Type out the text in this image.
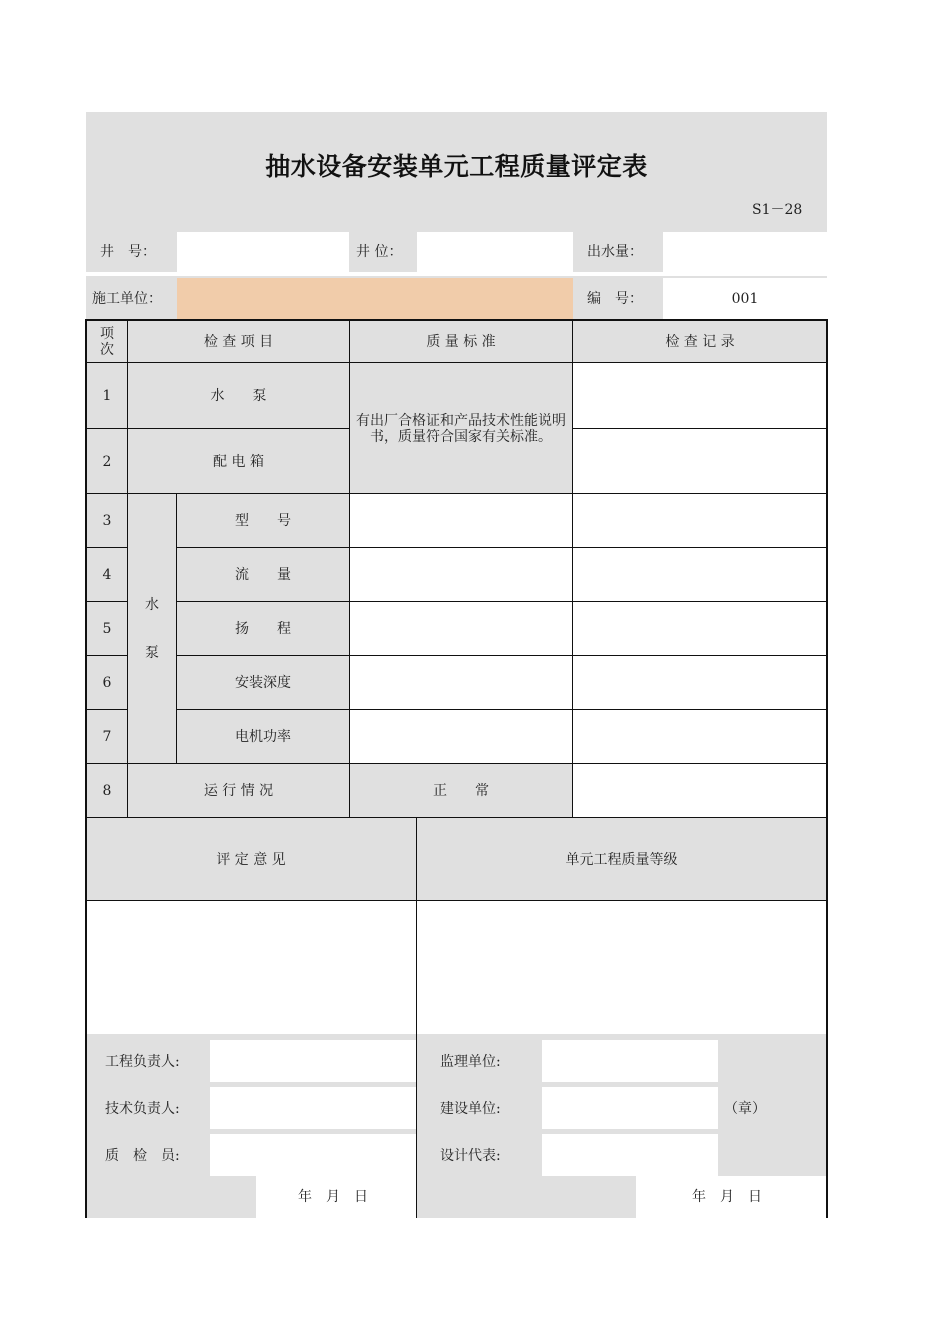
抽水设备安装单元工程质量评定表
S1－28
井　号：	井 位：	出水量：
施工单位：	编　号：	001
项次	检 查 项 目	质 量 标 准	检 查 记 录
1	水　　泵
2	配 电 箱
有出厂合格证和产品技术性能说明书，质量符合国家有关标准。
水
泵
3	型　　号
4	流　　量
5	扬　　程
6	安装深度
7	电机功率
8	运 行 情 况	正　　常
评 定 意 见	单元工程质量等级
工程负责人:
技术负责人:
质　检　员:
年　月　日
监理单位:
建设单位:	（章）
设计代表:
年　月　日
